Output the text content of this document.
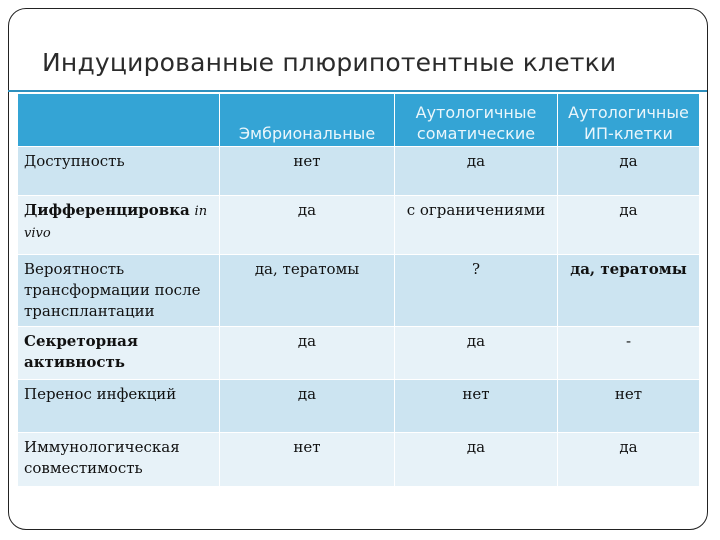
Индуцированные плюрипотентные клетки
	Эмбриональные	Аутологичные соматические	Аутологичные ИП-клетки
Доступность	нет	да	да
Дифференцировка in vivo	да	с ограничениями	да
Вероятность трансформации после трансплантации	да, тератомы	?	да, тератомы
Секреторная активность	да	да	-
Перенос инфекций	да	нет	нет
Иммунологическая совместимость	нет	да	да
